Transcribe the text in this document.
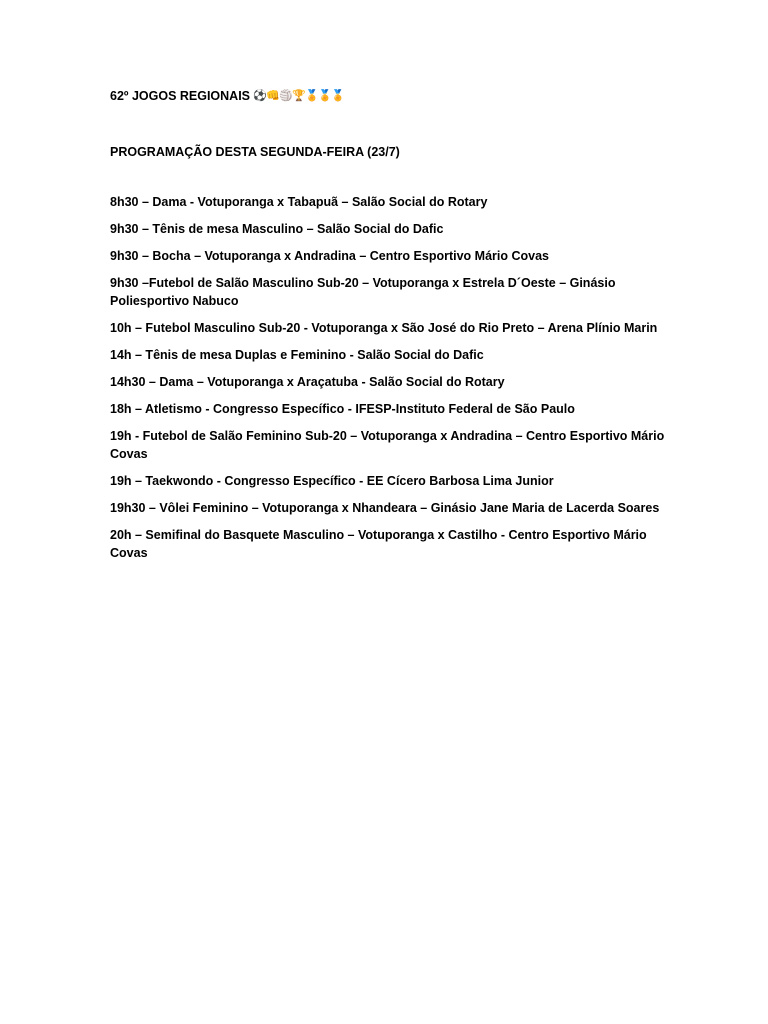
62º JOGOS REGIONAIS ⚽ 👊 🏐 🏆 🏅 🏅 🏅
PROGRAMAÇÃO DESTA SEGUNDA-FEIRA (23/7)
8h30 – Dama - Votuporanga x Tabapuã – Salão Social do Rotary
9h30 – Tênis de mesa Masculino – Salão Social do Dafic
9h30 – Bocha – Votuporanga x Andradina – Centro Esportivo Mário Covas
9h30 –Futebol de Salão Masculino Sub-20 – Votuporanga x Estrela D´Oeste – Ginásio Poliesportivo Nabuco
10h – Futebol Masculino Sub-20 - Votuporanga x São José do Rio Preto – Arena Plínio Marin
14h – Tênis de mesa Duplas e Feminino - Salão Social do Dafic
14h30 – Dama – Votuporanga x Araçatuba - Salão Social do Rotary
18h – Atletismo - Congresso Específico - IFESP-Instituto Federal de São Paulo
19h - Futebol de Salão Feminino Sub-20 – Votuporanga x Andradina – Centro Esportivo Mário Covas
19h – Taekwondo - Congresso Específico - EE Cícero Barbosa Lima Junior
19h30 – Vôlei Feminino – Votuporanga x Nhandeara – Ginásio Jane Maria de Lacerda Soares
20h – Semifinal do Basquete Masculino – Votuporanga x Castilho - Centro Esportivo Mário Covas
